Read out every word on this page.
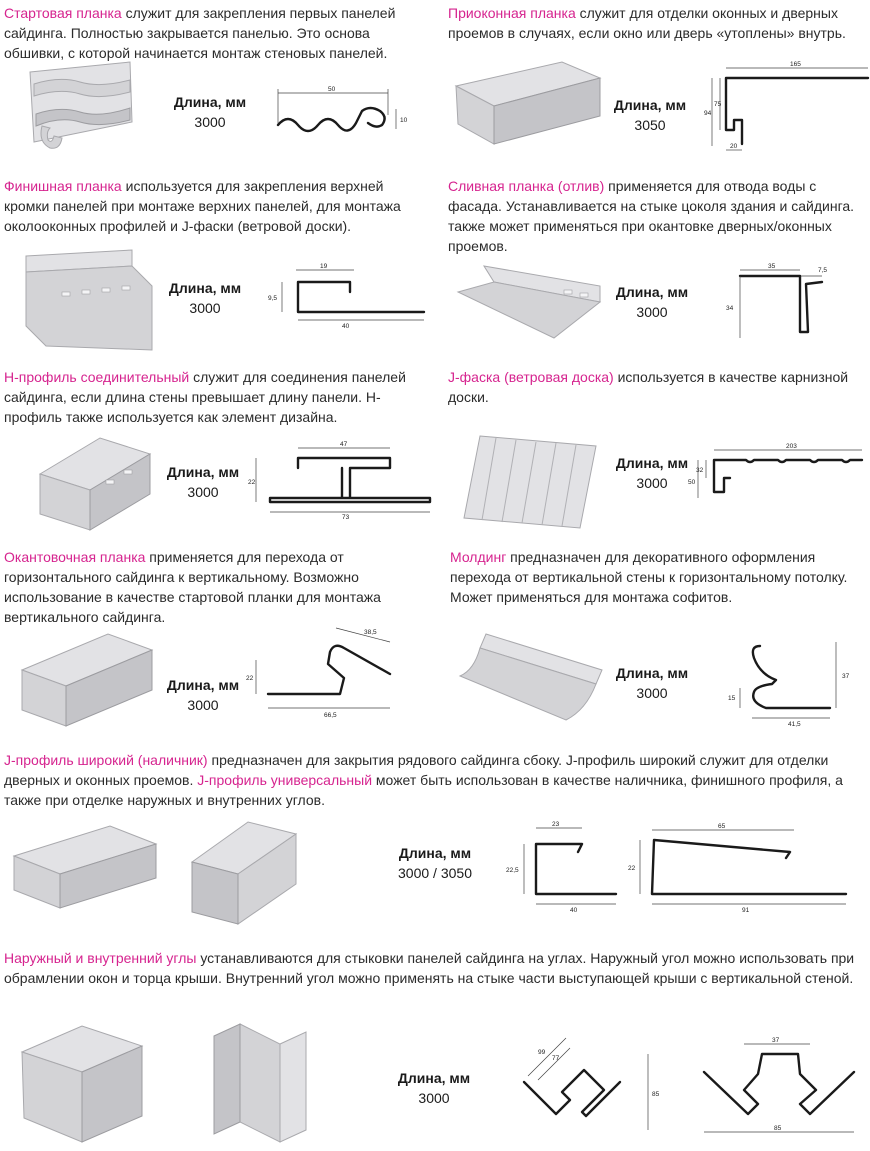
Стартовая планка служит для закрепления первых панелей сайдинга. Полностью закрывается панелью. Это основа обшивки, с которой начинается монтаж стеновых панелей.
Длина, мм
3000
50
10
Приоконная планка служит для отделки оконных и дверных проемов в случаях, если окно или дверь «утоплены» внутрь.
Длина, мм
3050
165
94
75
20
Финишная планка используется для закрепления верхней кромки панелей при монтаже верхних панелей, для монтажа околооконных профилей и J-фаски (ветровой доски).
Длина, мм
3000
19
9,5
40
Сливная планка (отлив) применяется для отвода воды с фасада. Устанавливается на стыке цоколя здания и сайдинга. также может применяться при окантовке дверных/оконных проемов.
Длина, мм
3000
35
7,5
34
Н-профиль соединительный служит для соединения панелей сайдинга, если длина стены превышает длину панели. Н-профиль также используется как элемент дизайна.
Длина, мм
3000
47
22
73
J-фаска (ветровая доска) используется в качестве карнизной доски.
Длина, мм
3000
203
32
50
Окантовочная планка применяется для перехода от горизонтального сайдинга к вертикальному. Возможно использование в качестве стартовой планки для монтажа вертикального сайдинга.
Длина, мм
3000
38,5
22
66,5
Молдинг предназначен для декоративного оформления перехода от вертикальной стены к горизонтальному потолку. Может применяться для монтажа софитов.
Длина, мм
3000
37
15
41,5
J-профиль широкий (наличник) предназначен для закрытия рядового сайдинга сбоку. J-профиль широкий служит для отделки дверных и оконных проемов. J-профиль универсальный может быть использован в качестве наличника, финишного профиля, а также при отделке наружных и внутренних углов.
Длина, мм
3000 / 3050
23
22,5
40
65
22
91
Наружный и внутренний углы устанавливаются для стыковки панелей сайдинга на углах. Наружный угол можно использовать при обрамлении окон и торца крыши. Внутренний угол можно применять на стыке части выступающей крыши с вертикальной стеной.
Длина, мм
3000
99
77
85
37
85
